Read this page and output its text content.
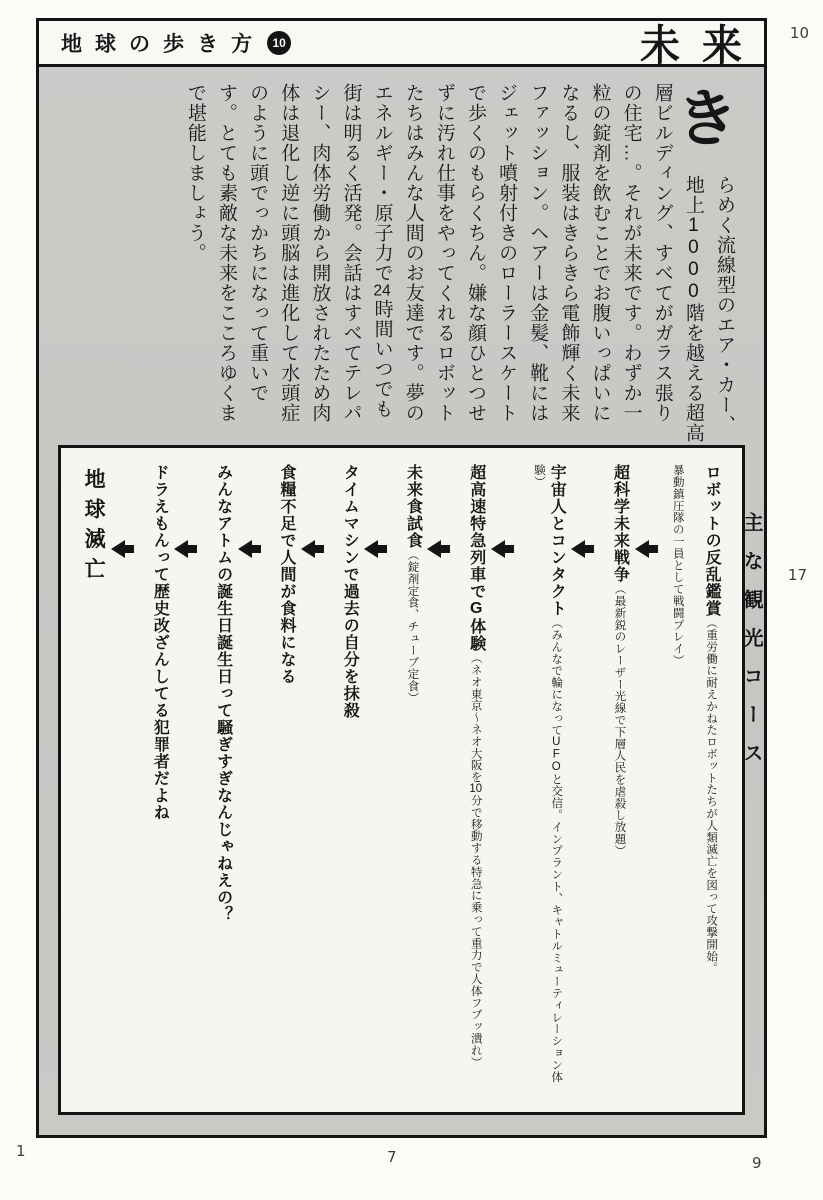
地球の歩き方 10	未来
き
らめく流線型のエア・カー、
地上1000階を越える超高
層ビルディング、すべてがガラス張り
の住宅…。それが未来です。わずか一
粒の錠剤を飲むことでお腹いっぱいに
なるし、服装はきらきら電飾輝く未来
ファッション。ヘアーは金髪、靴には
ジェット噴射付きのローラースケート
で歩くのもらくちん。嫌な顔ひとつせ
ずに汚れ仕事をやってくれるロボット
たちはみんな人間のお友達です。夢の
エネルギー・原子力で24時間いつでも
街は明るく活発。会話はすべてテレパ
シー、肉体労働から開放されたため肉
体は退化し逆に頭脳は進化して水頭症
のように頭でっかちになって重いで
す。とても素敵な未来をこころゆくま
で堪能しましょう。
主な観光コース
ロボットの反乱鑑賞（重労働に耐えかねたロボットたちが人類滅亡を図って攻撃開始。
暴動鎮圧隊の一員として戦闘プレイ）
超科学未来戦争（最新鋭のレーザー光線で下層人民を虐殺し放題）
宇宙人とコンタクト（みんなで輪になってUFOと交信。インプラント、キャトルミューティレーション体験）
超高速特急列車でG体験（ネオ東京～ネオ大阪を10分で移動する特急に乗って重力で人体フブッ潰れ）
未来食試食（錠剤定食、チューブ定食）
タイムマシンで過去の自分を抹殺
食糧不足で人間が食料になる
みんなアトムの誕生日誕生日って騒ぎすぎなんじゃねえの？
ドラえもんって歴史改ざんしてる犯罪者だよね
地球滅亡
10
17
1	7	9
